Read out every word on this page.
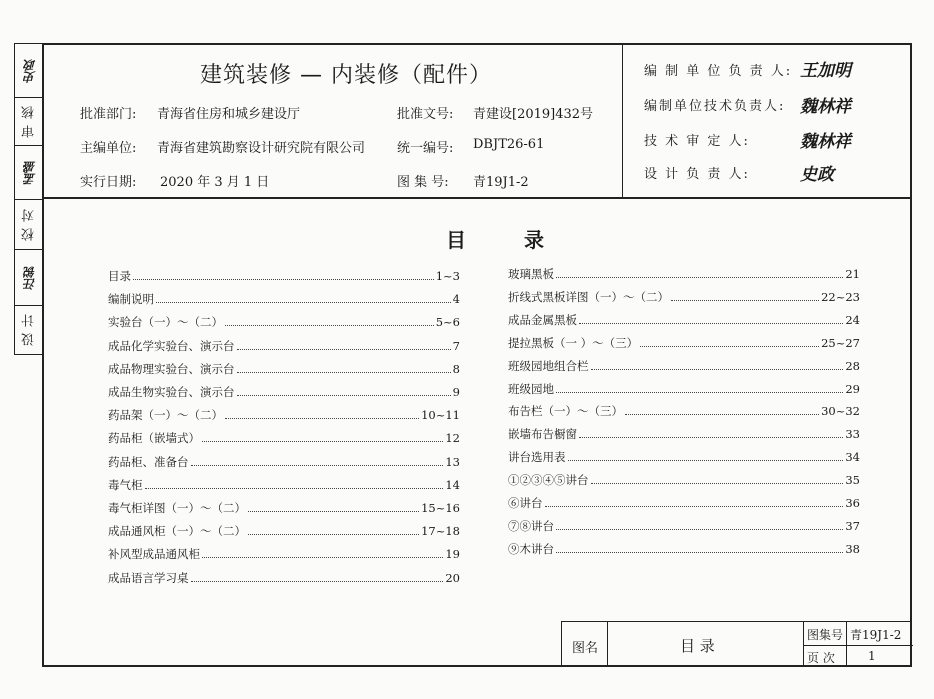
史政
审 核
孟盛
校 对
汪锐
设 计
建筑装修 — 内装修（配件）
批准部门: 青海省住房和城乡建设厅	批准文号: 青建设[2019]432号
主编单位: 青海省建筑勘察设计研究院有限公司 统一编号: DBJT26-61
实行日期: 2020 年 3 月 1 日	图 集 号: 青19J1-2
编 制 单 位 负 责 人: 王加明
编制单位技术负责人: 魏林祥
技 术 审 定 人:	魏林祥
设 计 负 责 人:	史政
目	录
目录	1~3
编制说明	4
实验台（一）～（二）	5~6
成品化学实验台、演示台	7
成品物理实验台、演示台	8
成品生物实验台、演示台	9
药品架（一）～（二）	10~11
药品柜（嵌墙式）	12
药品柜、准备台	13
毒气柜	14
毒气柜详图（一）～（二）	15~16
成品通风柜（一）～（二）	17~18
补风型成品通风柜	19
成品语言学习桌	20
玻璃黑板	21
折线式黑板详图（一）～（二）	22~23
成品金属黑板	24
提拉黑板（一 ）～（三）	25~27
班级园地组合栏	28
班级园地	29
布告栏（一）～（三）	30~32
嵌墙布告橱窗	33
讲台选用表	34
①②③④⑤讲台	35
⑥讲台	36
⑦⑧讲台	37
⑨木讲台	38
图名	目 录
图集号 青19J1-2
页 次	1
